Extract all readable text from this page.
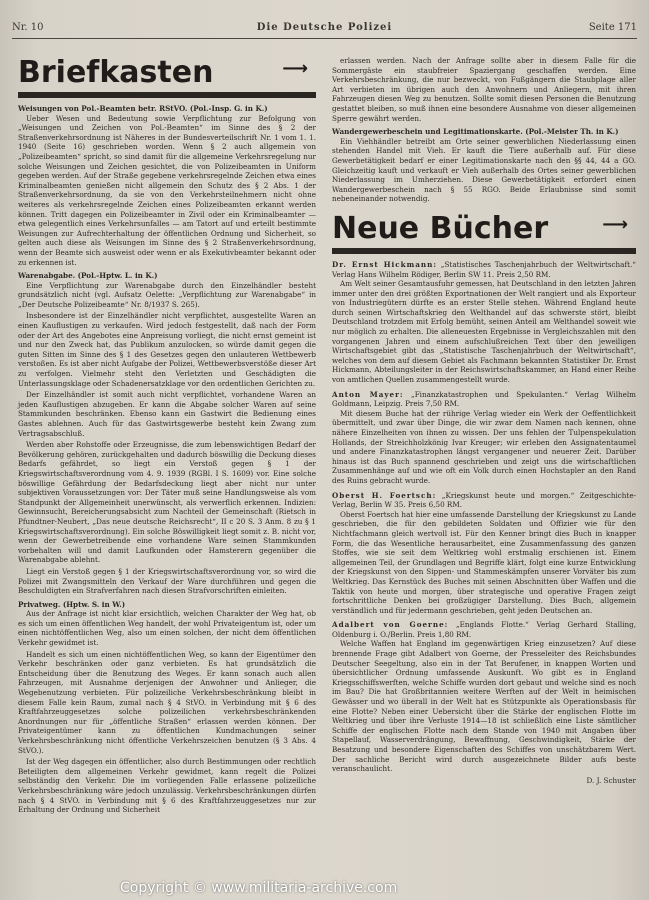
Nr. 10	Die Deutsche Polizei	Seite 171
Briefkasten	⟶
Weisungen von Pol.-Beamten betr. RStVO. (Pol.-Insp. G. in K.)

Ueber Wesen und Bedeutung sowie Verpflichtung zur Befolgung von „Weisungen und Zeichen von Pol.-Beamten“ im Sinne des § 2 der Straßenverkehrsordnung ist Näheres in der Bundesverteilschrift Nr. 1 vom 1. 1. 1940 (Seite 16) geschrieben worden. Wenn § 2 auch allgemein von „Polizeibeamten“ spricht, so sind damit für die allgemeine Verkehrsregelung nur solche Weisungen und Zeichen gesichtet, die von Polizeibeamten in Uniform gegeben werden. Auf der Straße gegebene verkehrsregelnde Zeichen etwa eines Kriminalbeamten genießen nicht allgemein den Schutz des § 2 Abs. 1 der Straßenverkehrsordnung, da sie von den Verkehrsteilnehmern nicht ohne weiteres als verkehrsregelnde Zeichen eines Polizeibeamten erkannt werden können. Tritt dagegen ein Polizeibeamter in Zivil oder ein Kriminalbeamter — etwa gelegentlich eines Verkehrsunfalles — am Tatort auf und erteilt bestimmte Weisungen zur Aufrechterhaltung der öffentlichen Ordnung und Sicherheit, so gelten auch diese als Weisungen im Sinne des § 2 Straßenverkehrsordnung, wenn der Beamte sich ausweist oder wenn er als Exekutivbeamter bekannt oder zu erkennen ist.

Warenabgabe. (Pol.-Hptw. L. in K.)

Eine Verpflichtung zur Warenabgabe durch den Einzelhändler besteht grundsätzlich nicht (vgl. Aufsatz Oelette: „Verpflichtung zur Warenabgabe“ in „Der Deutsche Polizeibeamte“ Nr. 8/1937 S. 265).

Insbesondere ist der Einzelhändler nicht verpflichtet, ausgestellte Waren an einen Kauflustigen zu verkaufen. Wird jedoch festgestellt, daß nach der Form oder der Art des Angebotes eine Anpreisung vorliegt, die nicht ernst gemeint ist und nur den Zweck hat, das Publikum anzulocken, so würde damit gegen die guten Sitten im Sinne des § 1 des Gesetzes gegen den unlauteren Wettbewerb verstoßen. Es ist aber nicht Aufgabe der Polizei, Wettbewerbsverstöße dieser Art zu verfolgen. Vielmehr steht den Verletzten und Geschädigten die Unterlassungsklage oder Schadenersatzklage vor den ordentlichen Gerichten zu.

Der Einzelhändler ist somit auch nicht verpflichtet, vorhandene Waren an jeden Kauflustigen abzugeben. Er kann die Abgabe solcher Waren auf seine Stammkunden beschränken. Ebenso kann ein Gastwirt die Bedienung eines Gastes ablehnen. Auch für das Gastwirtsgewerbe besteht kein Zwang zum Vertragsabschluß.

Werden aber Rohstoffe oder Erzeugnisse, die zum lebenswichtigen Bedarf der Bevölkerung gehören, zurückgehalten und dadurch böswillig die Deckung dieses Bedarfs gefährdet, so liegt ein Verstoß gegen § 1 der Kriegswirtschaftsverordnung vom 4. 9. 1939 (RGBl. I S. 1609) vor. Eine solche böswillige Gefährdung der Bedarfsdeckung liegt aber nicht nur unter subjektiven Voraussetzungen vor: Der Täter muß seine Handlungsweise als vom Standpunkt der Allgemeinheit unerwünscht, als verwerflich erkennen. Indizien: Gewinnsucht, Bereicherungsabsicht zum Nachteil der Gemeinschaft (Rietsch in Pfundtner-Neubert, „Das neue deutsche Reichsrecht“, II c 20 S. 3 Anm. 8 zu § 1 Kriegswirtschaftsverordnung). Ein solche Böswilligkeit liegt somit z. B. nicht vor, wenn der Gewerbetreibende eine vorhandene Ware seinen Stammkunden vorbehalten will und damit Laufkunden oder Hamsterern gegenüber die Warenabgabe ablehnt.

Liegt ein Verstoß gegen § 1 der Kriegswirtschaftsverordnung vor, so wird die Polizei mit Zwangsmitteln den Verkauf der Ware durchführen und gegen die Beschuldigten ein Strafverfahren nach diesen Strafvorschriften einleiten.

Privatweg. (Hptw. S. in W.)

Aus der Anfrage ist nicht klar ersichtlich, welchen Charakter der Weg hat, ob es sich um einen öffentlichen Weg handelt, der wohl Privateigentum ist, oder um einen nichtöffentlichen Weg, also um einen solchen, der nicht dem öffentlichen Verkehr gewidmet ist.

Handelt es sich um einen nichtöffentlichen Weg, so kann der Eigentümer den Verkehr beschränken oder ganz verbieten. Es hat grundsätzlich die Entscheidung über die Benutzung des Weges. Er kann sonach auch allen Fahrzeugen, mit Ausnahme derjenigen der Anwohner und Anlieger, die Wegebenutzung verbieten. Für polizeiliche Verkehrsbeschränkung bleibt in diesem Falle kein Raum, zumal nach § 4 StVO. in Verbindung mit § 6 des Kraftfahrzeuggesetzes solche polizeilichen verkehrsbeschränkenden Anordnungen nur für „öffentliche Straßen“ erlassen werden können. Der Privateigentümer kann zu öffentlichen Kundmachungen seiner Verkehrsbeschränkung nicht öffentliche Verkehrszeichen benutzen (§ 3 Abs. 4 StVO.).

Ist der Weg dagegen ein öffentlicher, also durch Bestimmungen oder rechtlich Beteiligten dem allgemeinen Verkehr gewidmet, kann regelt die Polizei selbständig den Verkehr. Die im vorliegenden Falle erlassene polizeiliche Verkehrsbeschränkung wäre jedoch unzulässig. Verkehrsbeschränkungen dürfen nach § 4 StVO. in Verbindung mit § 6 des Kraftfahrzeuggesetzes nur zur Erhaltung der Ordnung und Sicherheit

erlassen werden. Nach der Anfrage sollte aber in diesem Falle für die Sommergäste ein staubfreier Spaziergang geschaffen werden. Eine Verkehrsbeschränkung, die nur bezweckt, von Fußgängern die Staubplage aller Art verbieten im übrigen auch den Anwohnern und Anliegern, mit ihren Fahrzeugen diesen Weg zu benutzen. Sollte somit diesen Personen die Benutzung gestattet bleiben, so muß ihnen eine besondere Ausnahme von dieser allgemeinen Sperre gewährt werden.

Wandergewerbeschein und Legitimationskarte. (Pol.-Meister Th. in K.)

Ein Viehhändler betreibt am Orte seiner gewerblichen Niederlassung einen stehenden Handel mit Vieh. Er kauft die Tiere außerhalb auf. Für diese Gewerbetätigkeit bedarf er einer Legitimationskarte nach den §§ 44, 44 a GO. Gleichzeitig kauft und verkauft er Vieh außerhalb des Ortes seiner gewerblichen Niederlassung im Umherziehen. Diese Gewerbetätigkeit erfordert einen Wandergewerbeschein nach § 55 RGO. Beide Erlaubnisse sind somit nebeneinander notwendig.

Neue Bücher	⟶
Dr. Ernst Hickmann: „Statistisches Taschenjahrbuch der Weltwirtschaft.“ Verlag Hans Wilhelm Rödiger, Berlin SW 11. Preis 2,50 RM.

Am Welt seiner Gesamtausfuhr gemessen, hat Deutschland in den letzten Jahren immer unter den drei größten Exportnationen der Welt rangiert und als Exporteur von Industriegütern dürfte es an erster Stelle stehen. Während England heute durch seinen Wirtschaftskrieg den Welthandel auf das schwerste stört, bleibt Deutschland trotzdem mit Erfolg bemüht, seinen Anteil am Welthandel soweit wie nur möglich zu erhalten. Die alleneuesten Ergebnisse in Vergleichszahlen mit den vorgangenen Jahren und einem aufschlußreichen Text über den jeweiligen Wirtschaftsgebiet gibt das „Statistische Taschenjahrbuch der Weltwirtschaft“, welches von dem auf diesem Gebiet als Fachmann bekannten Statistiker Dr. Ernst Hickmann, Abteilungsleiter in der Reichswirtschaftskammer, an Hand einer Reihe von amtlichen Quellen zusammengestellt wurde.

Anton Mayer: „Finanzkatastrophen und Spekulanten.“ Verlag Wilhelm Goldmann, Leipzig. Preis 7,50 RM.

Mit diesem Buche hat der rührige Verlag wieder ein Werk der Oeffentlichkeit übermittelt, und zwar über Dinge, die wir zwar dem Namen nach kennen, ohne nähere Einzelheiten von ihnen zu wissen. Der uns fehlen der Tulpenspekulation Hollands, der Streichholzkönig Ivar Kreuger; wir erleben den Assignatentaumel und andere Finanzkatastrophen längst vergangener und neuerer Zeit. Darüber hinaus ist das Buch spannend geschrieben und zeigt uns die wirtschaftlichen Zusammenhänge auf und wie oft ein Volk durch einen Hochstapler an den Rand des Ruins gebracht wurde.

Oberst H. Foertsch: „Kriegskunst heute und morgen.“ Zeitgeschichte-Verlag, Berlin W 35. Preis 6,50 RM.

Oberst Foertsch hat hier eine umfassende Darstellung der Kriegskunst zu Lande geschrieben, die für den gebildeten Soldaten und Offizier wie für den Nichtfachmann gleich wertvoll ist. Für den Kenner bringt dies Buch in knapper Form, die das Wesentliche herausarbeitet, eine Zusammenfassung des ganzen Stoffes, wie sie seit dem Weltkrieg wohl erstmalig erschienen ist. Einem allgemeinen Teil, der Grundlagen und Begriffe klärt, folgt eine kurze Entwicklung der Kriegskunst von den Sippen- und Stammeskämpfen unserer Vorväter bis zum Weltkrieg. Das Kernstück des Buches mit seinen Abschnitten über Waffen und die Taktik von heute und morgen, über strategische und operative Fragen zeigt fortschrittliche Denken bei großzügiger Darstellung. Dies Buch, allgemein verständlich und für jedermann geschrieben, geht jeden Deutschen an.

Adalbert von Goerne: „Englands Flotte.“ Verlag Gerhard Stalling, Oldenburg i. O./Berlin. Preis 1,80 RM.

Welche Waffen hat England im gegenwärtigen Krieg einzusetzen? Auf diese brennende Frage gibt Adalbert von Goerne, der Presseleiter des Reichsbundes Deutscher Seegeltung, also ein in der Tat Berufener, in knappen Worten und übersichtlicher Ordnung umfassende Auskunft. Wo gibt es in England Kriegsschiffswerften, welche Schiffe wurden dort gebaut und welche sind es noch im Bau? Die hat Großbritannien weitere Werften auf der Welt in heimischen Gewässer und wo überall in der Welt hat es Stützpunkte als Operationsbasis für eine Flotte? Neben einer Uebersicht über die Stärke der englischen Flotte im Weltkrieg und über ihre Verluste 1914—18 ist schließlich eine Liste sämtlicher Schiffe der englischen Flotte nach dem Stande von 1940 mit Angaben über Stapellauf, Wasserverdrängung, Bewaffnung, Geschwindigkeit, Stärke der Besatzung und besondere Eigenschaften des Schiffes von unschätzbarem Wert. Der sachliche Bericht wird durch ausgezeichnete Bilder aufs beste veranschaulicht.

D. J. Schuster
Copyright © www.militaria-archive.com
